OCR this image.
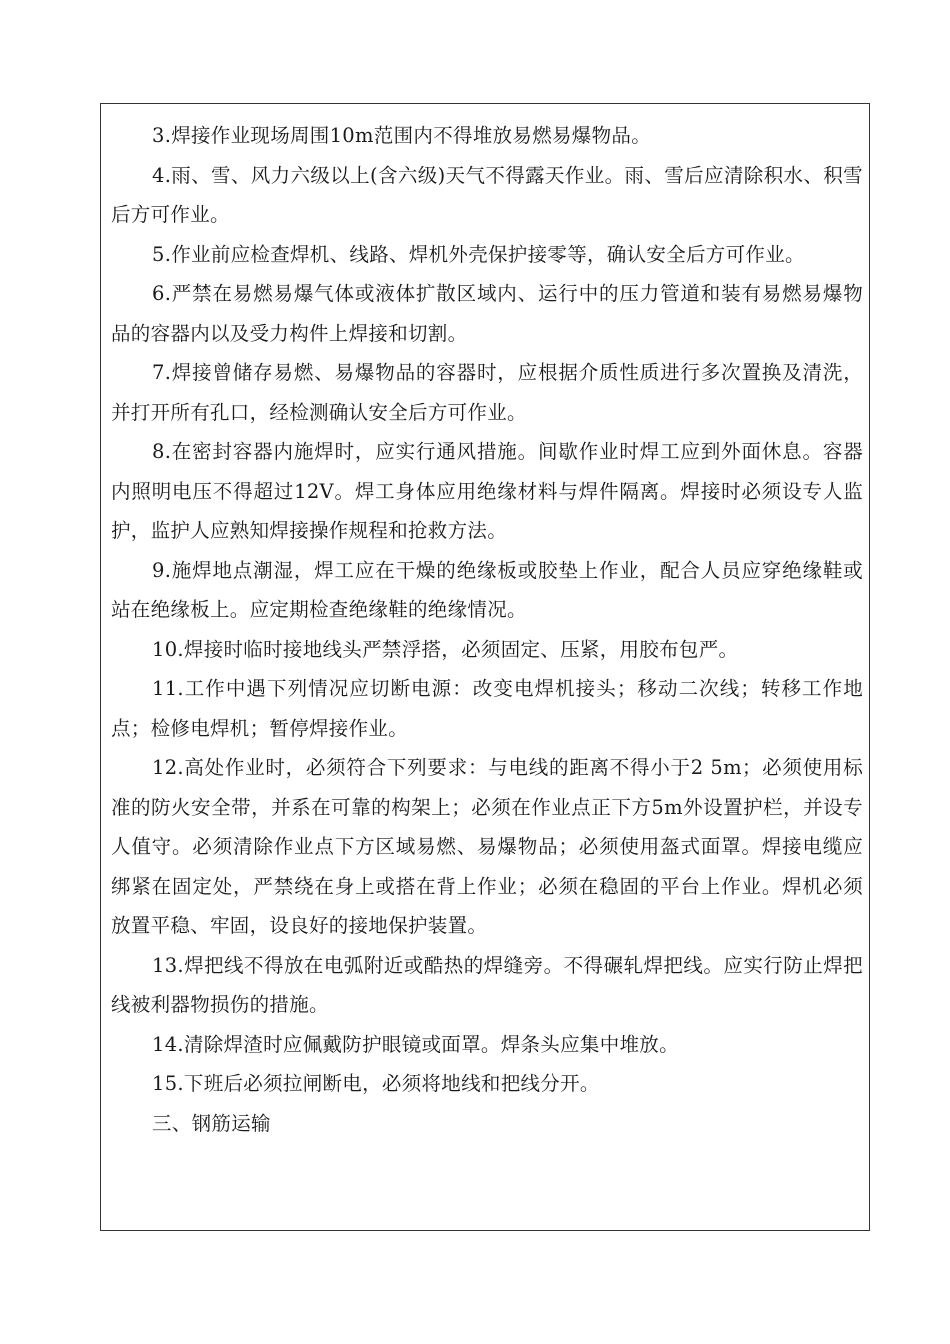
3.焊接作业现场周围10m范围内不得堆放易燃易爆物品。

4.雨、雪、风力六级以上(含六级)天气不得露天作业。雨、雪后应清除积水、积雪后方可作业。

5.作业前应检查焊机、线路、焊机外壳保护接零等，确认安全后方可作业。

6.严禁在易燃易爆气体或液体扩散区域内、运行中的压力管道和装有易燃易爆物品的容器内以及受力构件上焊接和切割。

7.焊接曾储存易燃、易爆物品的容器时，应根据介质性质进行多次置换及清洗，并打开所有孔口，经检测确认安全后方可作业。

8.在密封容器内施焊时，应实行通风措施。间歇作业时焊工应到外面休息。容器内照明电压不得超过12V。焊工身体应用绝缘材料与焊件隔离。焊接时必须设专人监护，监护人应熟知焊接操作规程和抢救方法。

9.施焊地点潮湿，焊工应在干燥的绝缘板或胶垫上作业，配合人员应穿绝缘鞋或站在绝缘板上。应定期检查绝缘鞋的绝缘情况。

10.焊接时临时接地线头严禁浮搭，必须固定、压紧，用胶布包严。

11.工作中遇下列情况应切断电源：改变电焊机接头；移动二次线；转移工作地点；检修电焊机；暂停焊接作业。

12.高处作业时，必须符合下列要求：与电线的距离不得小于2 5m；必须使用标准的防火安全带，并系在可靠的构架上；必须在作业点正下方5m外设置护栏，并设专人值守。必须清除作业点下方区域易燃、易爆物品；必须使用盔式面罩。焊接电缆应绑紧在固定处，严禁绕在身上或搭在背上作业；必须在稳固的平台上作业。焊机必须放置平稳、牢固，设良好的接地保护装置。

13.焊把线不得放在电弧附近或酷热的焊缝旁。不得碾轧焊把线。应实行防止焊把线被利器物损伤的措施。

14.清除焊渣时应佩戴防护眼镜或面罩。焊条头应集中堆放。

15.下班后必须拉闸断电，必须将地线和把线分开。

三、钢筋运输
